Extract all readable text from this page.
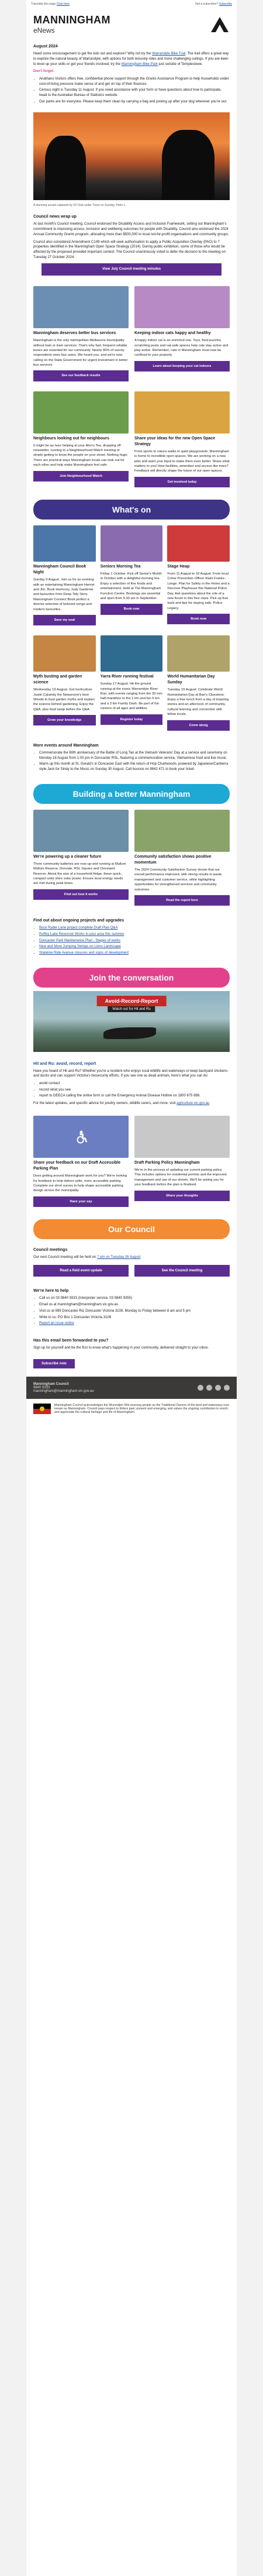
Translate this page Click here	Not a subscriber? Subscribe
MANNINGHAM
eNews
August 2024

Need some encouragement to get the kids out and explore? Why not try the Warrandyte Bike Trail. The trail offers a great way to explore the natural beauty of Warrandyte, with options for both leisurely rides and more challenging outings. If you are keen to level up your skills or get your friends involved, try the Manningham Bike Park just outside of Templestowe.

Don't forget:

• Anathanx Visitors offers free, confidential phone support through the Grants Assistance Program to help households under cost-of-living pressure make sense of and get on top of their finances.
• Census night is Tuesday 11 August. If you need assistance with your form or have questions about how to participate, head to the Australian Bureau of Statistics website.
• Our parks are for everyone. Please keep them clean by carrying a bag and picking up after your dog wherever you're out.
A stunning sunset captured by 20 Club under Trees on Sunday, Peter L.
Council news wrap up

At last month's Council meeting, Council endorsed the Disability Access and Inclusion Framework, setting out Manningham's commitment to improving access, inclusion and wellbeing outcomes for people with Disability. Council also endorsed the 2024 Annual Community Grants program, allocating more than $500,000 to local not-for-profit organisations and community groups.

Council also considered Amendment C149 which will seek authorisation to apply a Public Acquisition Overlay (PAO) to 7 properties identified in the Manningham Open Space Strategy (2014). During public exhibition, some of those who would be affected by the proposed provided important context. The Council unanimously voted to defer the decision to the meeting on Tuesday 27 October 2024.

View July Council meeting minutes
Manningham deserves better bus services
Manningham is the only metropolitan Melbourne municipality without train or tram services. That's why fast, frequent reliable buses are essential for our community. Nearly 80% of survey respondents were bus users. We heard you, and we're now calling on the State Government for urgent investment in better bus services.
See our feedback results
Keeping indoor cats happy and healthy
A happy indoor cat is an enriched one. Toys, food puzzles, scratching posts and cat-safe spaces help cats stay active and play active. Remember, cats in Manningham must now be confined to your property.
Learn about keeping your cat indoors
Neighbours looking out for neighbours
It might be an hour helping at your Men's Tea, dropping off newsletter, running to a Neighbourhood Watch meeting or simply getting to know the people on your street. Nothing huge. There are practical ways Manningham locals can look out for each other and help make Manningham feel safe.
Join Neighbourhood Watch
Share your ideas for the new Open Space Strategy
From sports to nature walks to quiet playgrounds, Manningham is home to incredible open spaces. We are working on a new plan and want your input to make them even better. Share what matters to you! How facilities, amenities and access like trees? Feedback will directly shape the future of our open spaces.
Get involved today
What's on
Manningham Council Book Night
Sunday 9 August. Join us for an evening with an entertaining Manningham Harriet and Jim, Book Harmony, Judy Gardener and favourites from Deep Tidy Story. Manningham Connect Book perfect a diverse selection of beloved songs and modern favourites.
Save my seat
Seniors Morning Tea
Friday 1 October. Kick off Senior's Month in October with a delightful morning tea. Enjoy a selection of fine foods and entertainment. Held at The Manningham Function Centre. Bookings are essential and open from 9.30 am in September.
Book now
Stage Heap
From 11 August to 16 August. From local Crime Prevention Officer Raini Franks-Lange. Plan for Safety in the Home and a Discover Playhouse this National Police Day. Ask questions about the role of a new forum in this free class. Pick up free tools and tips for staying safe. Police Legacy.
Book now
Myth busting and garden science
Wednesday 19 August. Got horticulture Justin Calamity the Newsroom's best Weeds to bust garden myths and explain the science behind gardening. Enjoy the Q&A, plus food swap before the Q&A.
Grow your knowledge
Yarra River running festival
Sunday 17 August. Hit the ground running at the iconic Warrandyte River Run, with events ranging from the 20 mm half-marathon to the 1 km and fun 5 km and a 3 km Family Dash. Be part of fun runners of all ages and abilities.
Register today
World Humanitarian Day Sunday
Tuesday 19 August. Celebrate World Humanitarian Day at Bari's Cluestone. Enjoy a free lunch from a day of inspiring stories and an afternoon of community, cultural learning and connection with fellow locals.
Come along
More events around Manningham
• Commemorate the 80th anniversary of the Battle of Long Tan at the Vietnam Veterans' Day at a service and ceremony on Monday 18 August from 1:00 pm in Doncaster RSL, featuring a commemorative service, Vietnamese food and live music.
• Warm up this month at St. Gerald's in Doncaster East with the return of Hop Chartwoods, powered by Japanese/Canberra style Jack for Sindy to the Music on Sunday 30 August. Call bounce on 9842 471 to book your ticket.
Building a better Manningham
We're powering up a cleaner future
Three community batteries are now up-and-running at Mullum Mullum Reserve, Donvale, RSL Square and Cleveland Reserve. About the size of a household fridge, these quick, compact units store solar power. Ensure local energy needs are met during peak times.
Find out how it works
Community satisfaction shows positive momentum
The 2024 Community Satisfaction Survey shows that our overall performance improved, with strong results in waste management and customer service, while highlighting opportunities for strengthened services and community outcomes.
Read the report here
Find out about ongoing projects and upgrades
• Buck Ryder Lane project complete Draft Plan Q&A
• Ruffey Lake Reservoir Works in your area this summer
• Doncaster Park Maintenance Plan - Stages of works
• New and More Jumping Swings on Lions Landscape
• Stateline Ride Avenue closures and signs of development
Join the conversation
Avoid-Record-Report
Watch out for Hit and Ru
Hit and Ru: avoid, record, report

Have you heard of Hit and Ru? Whether you're a resident who enjoys local wildlife and waterways or keep backyard chickens and ducks and can support Victoria's biosecurity efforts. If you see one as dead animals, here's what you can do:

• avoid contact
• record what you see
• report to DEECA calling the online form or call the Emergency Animal Disease Hotline on 1800 675 888.

For the latest updates, and specific advice for poultry owners, wildlife carers, and more, visit agriculture.vic.gov.au

Share your feedback on our Draft Accessible Parking Plan
Does getting around Manningham work for you? We're looking for feedback to help deliver safer, more accessible parking. Complete our short survey to help shape accessible parking design across the municipality.
Have your say
Draft Parking Policy Manningham
We're in the process of updating our current parking policy. This includes options for residential permits and the improved management and use of our streets. We'll be asking you for your feedback before the plan is finalised.
Share your thoughts
Our Council
Council meetings

Our next Council meeting will be held on 7 pm on Tuesday 26 August

Read a field event update	See the Council meeting
We're here to help
• Call us on 03 9840 9333 (Interpreter service: 03 9840 9355)
• Email us at manningham@manningham.vic.gov.au
• Visit us at 699 Doncaster Rd, Doncaster Victoria 3108, Monday to Friday between 8 am and 5 pm
• Write to us: PO Box 1 Doncaster Victoria 3108
• Report an issue online
Has this email been forwarded to you?

Sign up for yourself and be the first to know what's happening in your community, delivered straight to your inbox.

Subscribe now
Manningham Council
9840 9333
manningham@manningham.vic.gov.au
Manningham Council acknowledges the Wurundjeri Woi-wurrung people as the Traditional Owners of the land and waterways now known as Manningham. Council pays respect to Elders past, present and emerging, and values the ongoing contribution to enrich and appreciate the cultural heritage and life of Manningham.
